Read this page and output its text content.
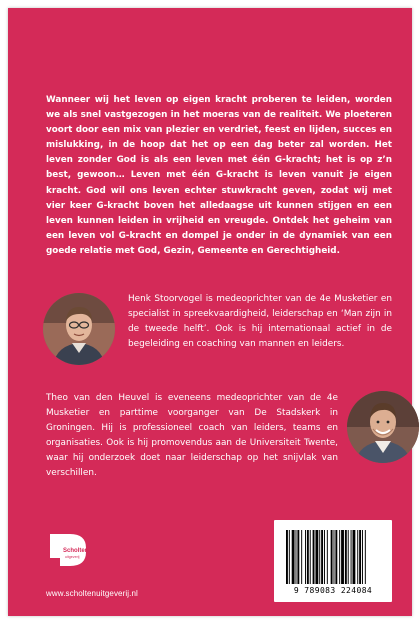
Wanneer wij het leven op eigen kracht proberen te leiden, worden we als snel vastgezogen in het moeras van de realiteit. We ploeteren voort door een mix van plezier en verdriet, feest en lijden, succes en mislukking, in de hoop dat het op een dag beter zal worden. Het leven zonder God is als een leven met één G-kracht; het is op z’n best, gewoon… Leven met één G-kracht is leven vanuit je eigen kracht. God wil ons leven echter stuwkracht geven, zodat wij met vier keer G-kracht boven het alledaagse uit kunnen stijgen en een leven kunnen leiden in vrijheid en vreugde. Ontdek het geheim van een leven vol G-kracht en dompel je onder in de dynamiek van een goede relatie met God, Gezin, Gemeente en Gerechtigheid.

Henk Stoorvogel is medeoprichter van de 4e Musketier en specialist in spreekvaardigheid, leiderschap en ‘Man zijn in de tweede helft’. Ook is hij internationaal actief in de begeleiding en coaching van mannen en leiders.

Theo van den Heuvel is eveneens medeoprichter van de 4e Musketier en parttime voorganger van De Stadskerk in Groningen. Hij is professioneel coach van leiders, teams en organisaties. Ook is hij promovendus aan de Universiteit Twente, waar hij onderzoek doet naar leiderschap op het snijvlak van verschillen.

Scholten
uitgeverij
www.scholtenuitgeverij.nl	9 789083 224084
